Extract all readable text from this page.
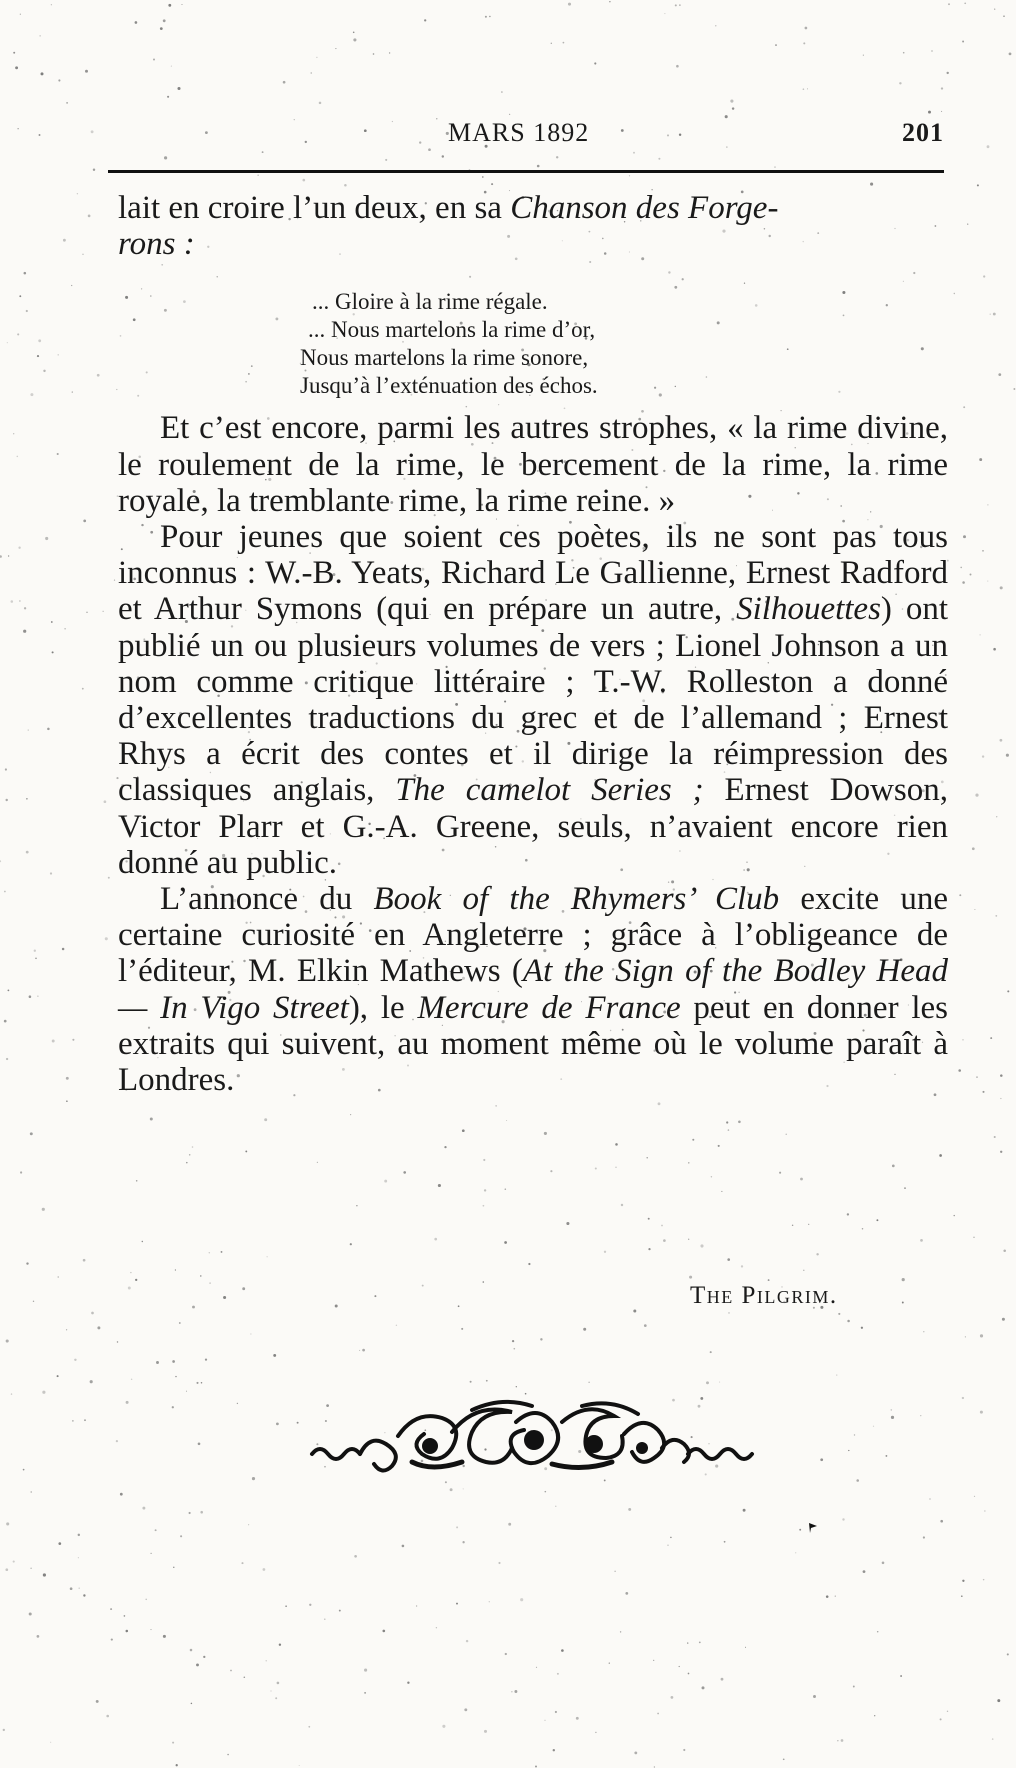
MARS 1892	201

lait en croire l’un deux, en sa Chanson des Forge-
rons :

Et c’est encore, parmi les autres strophes, « la rime divine, le roulement de la rime, le bercement de la rime, la rime royale, la tremblante rime, la rime reine. »

Pour jeunes que soient ces poètes, ils ne sont pas tous inconnus : W.-B. Yeats, Richard Le Gallienne, Ernest Radford et Arthur Symons (qui en prépare un autre, Silhouettes) ont publié un ou plusieurs volumes de vers ; Lionel Johnson a un nom comme critique littéraire ; T.-W. Rolleston a donné d’excellentes traductions du grec et de l’allemand ; Ernest Rhys a écrit des contes et il dirige la réimpression des classiques anglais, The camelot Series ; Ernest Dowson, Victor Plarr et G.-A. Greene, seuls, n’avaient encore rien donné au public.

L’annonce du Book of the Rhymers’ Club excite une certaine curiosité en Angleterre ; grâce à l’obligeance de l’éditeur, M. Elkin Mathews (At the Sign of the Bodley Head — In Vigo Street), le Mercure de France peut en donner les extraits qui suivent, au moment même où le volume paraît à Londres.

... Gloire à la rime régale.
... Nous martelons la rime d’or,
Nous martelons la rime sonore,
Jusqu’à l’exténuation des échos.
The Pilgrim.
